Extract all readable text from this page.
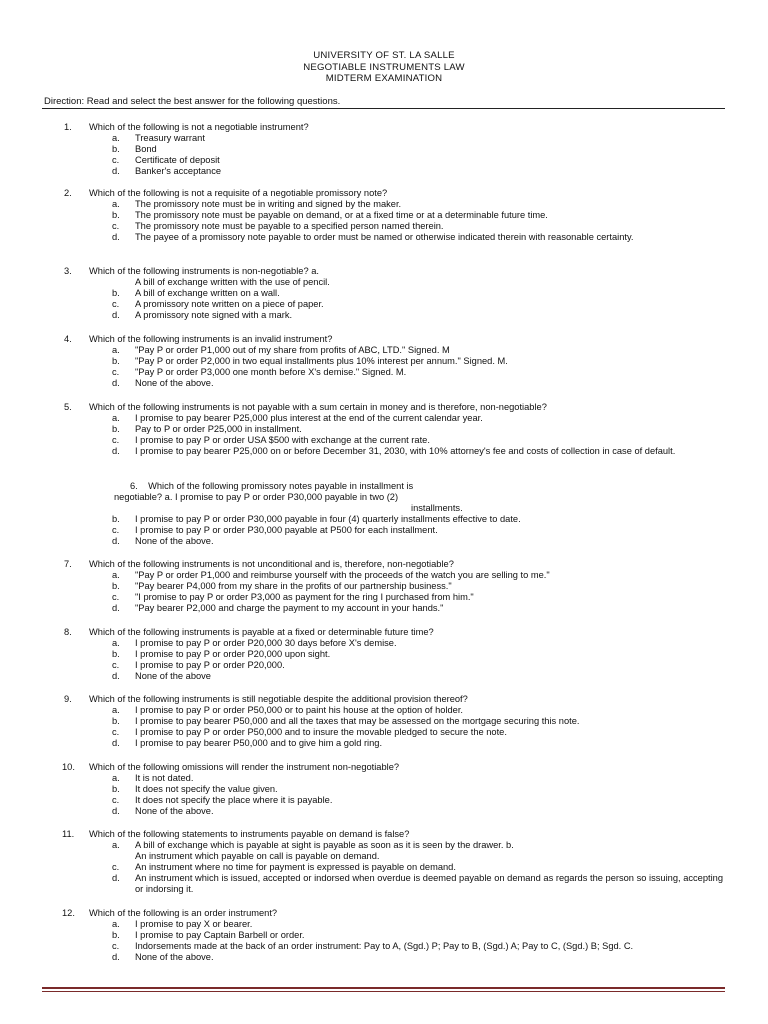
UNIVERSITY OF ST. LA SALLE
NEGOTIABLE INSTRUMENTS LAW
MIDTERM EXAMINATION
Direction: Read and select the best answer for the following questions.
1.	Which of the following is not a negotiable instrument?
a. Treasury warrant
b. Bond
c. Certificate of deposit
d. Banker's acceptance
2.	Which of the following is not a requisite of a negotiable promissory note?
a. The promissory note must be in writing and signed by the maker.
b. The promissory note must be payable on demand, or at a fixed time or at a determinable future time.
c. The promissory note must be payable to a specified person named therein.
d. The payee of a promissory note payable to order must be named or otherwise indicated therein with reasonable certainty.
3.	Which of the following instruments is non-negotiable? a.
A bill of exchange written with the use of pencil.
b. A bill of exchange written on a wall.
c. A promissory note written on a piece of paper.
d. A promissory note signed with a mark.
4.	Which of the following instruments is an invalid instrument?
a. "Pay P or order P1,000 out of my share from profits of ABC, LTD." Signed. M
b. "Pay P or order P2,000 in two equal installments plus 10% interest per annum." Signed. M.
c. "Pay P or order P3,000 one month before X's demise." Signed. M.
d. None of the above.
5.	Which of the following instruments is not payable with a sum certain in money and is therefore, non-negotiable?
a. I promise to pay bearer P25,000 plus interest at the end of the current calendar year.
b. Pay to P or order P25,000 in installment.
c. I promise to pay P or order USA $500 with exchange at the current rate.
d. I promise to pay bearer P25,000 on or before December 31, 2030, with 10% attorney's fee and costs of collection in case of default.
6. Which of the following promissory notes payable in installment is
negotiable? a. I promise to pay P or order P30,000 payable in two (2)
installments.
b. I promise to pay P or order P30,000 payable in four (4) quarterly installments effective to date.
c. I promise to pay P or order P30,000 payable at P500 for each installment.
d. None of the above.
7.	Which of the following instruments is not unconditional and is, therefore, non-negotiable?
a. "Pay P or order P1,000 and reimburse yourself with the proceeds of the watch you are selling to me."
b. "Pay bearer P4,000 from my share in the profits of our partnership business."
c. "I promise to pay P or order P3,000 as payment for the ring I purchased from him."
d. "Pay bearer P2,000 and charge the payment to my account in your hands."
8.	Which of the following instruments is payable at a fixed or determinable future time?
a. I promise to pay P or order P20,000 30 days before X's demise.
b. I promise to pay P or order P20,000 upon sight.
c. I promise to pay P or order P20,000.
d. None of the above
9.	Which of the following instruments is still negotiable despite the additional provision thereof?
a. I promise to pay P or order P50,000 or to paint his house at the option of holder.
b. I promise to pay bearer P50,000 and all the taxes that may be assessed on the mortgage securing this note.
c. I promise to pay P or order P50,000 and to insure the movable pledged to secure the note.
d. I promise to pay bearer P50,000 and to give him a gold ring.
10.	Which of the following omissions will render the instrument non-negotiable?
a. It is not dated.
b. It does not specify the value given.
c. It does not specify the place where it is payable.
d. None of the above.
11.	Which of the following statements to instruments payable on demand is false?
a. A bill of exchange which is payable at sight is payable as soon as it is seen by the drawer. b.
An instrument which payable on call is payable on demand.
c. An instrument where no time for payment is expressed is payable on demand.
d. An instrument which is issued, accepted or indorsed when overdue is deemed payable on demand as regards the person so issuing, accepting or indorsing it.
12.	Which of the following is an order instrument?
a. I promise to pay X or bearer.
b. I promise to pay Captain Barbell or order.
c. Indorsements made at the back of an order instrument: Pay to A, (Sgd.) P; Pay to B, (Sgd.) A; Pay to C, (Sgd.) B; Sgd. C.
d. None of the above.
